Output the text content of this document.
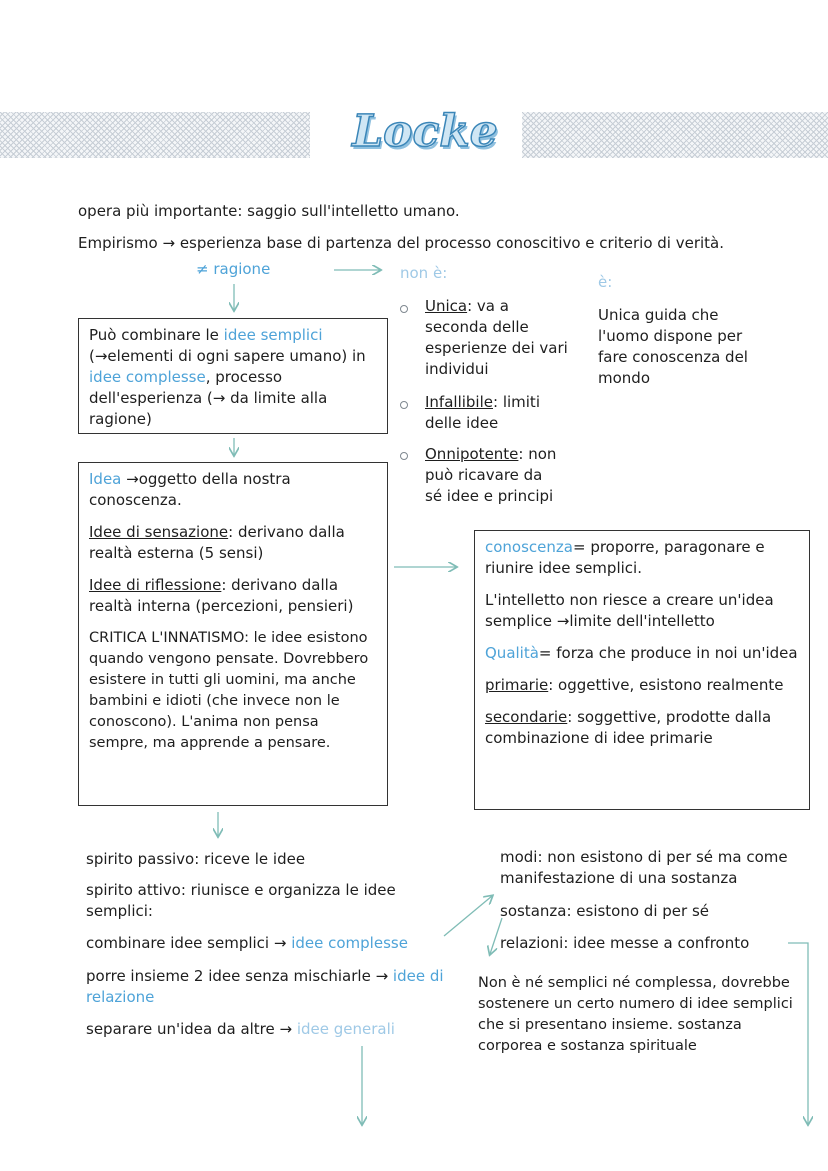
Locke

opera più importante: saggio sull'intelletto umano.

Empirismo → esperienza base di partenza del processo conoscitivo e criterio di verità.

≠ ragione	non è:	è:

Unica: va a seconda delle esperienze dei vari individui

Infallibile: limiti delle idee

Onnipotente: non può ricavare da sé idee e principi

Unica guida che l'uomo dispone per fare conoscenza del mondo

Può combinare le idee semplici (→elementi di ogni sapere umano) in idee complesse, processo dell'esperienza (→ da limite alla ragione)

Idea →oggetto della nostra conoscenza.

Idee di sensazione: derivano dalla realtà esterna (5 sensi)

Idee di riflessione: derivano dalla realtà interna (percezioni, pensieri)

CRITICA L'INNATISMO: le idee esistono quando vengono pensate. Dovrebbero esistere in tutti gli uomini, ma anche bambini e idioti (che invece non le conoscono). L'anima non pensa sempre, ma apprende a pensare.

conoscenza= proporre, paragonare e riunire idee semplici.

L'intelletto non riesce a creare un'idea semplice →limite dell'intelletto

Qualità= forza che produce in noi un'idea

primarie: oggettive, esistono realmente

secondarie: soggettive, prodotte dalla combinazione di idee primarie

spirito passivo: riceve le idee

spirito attivo: riunisce e organizza le idee semplici:

combinare idee semplici → idee complesse

porre insieme 2 idee senza mischiarle → idee di relazione

separare un'idea da altre → idee generali

modi: non esistono di per sé ma come manifestazione di una sostanza

sostanza: esistono di per sé

relazioni: idee messe a confronto

Non è né semplici né complessa, dovrebbe sostenere un certo numero di idee semplici che si presentano insieme. sostanza corporea e sostanza spirituale
